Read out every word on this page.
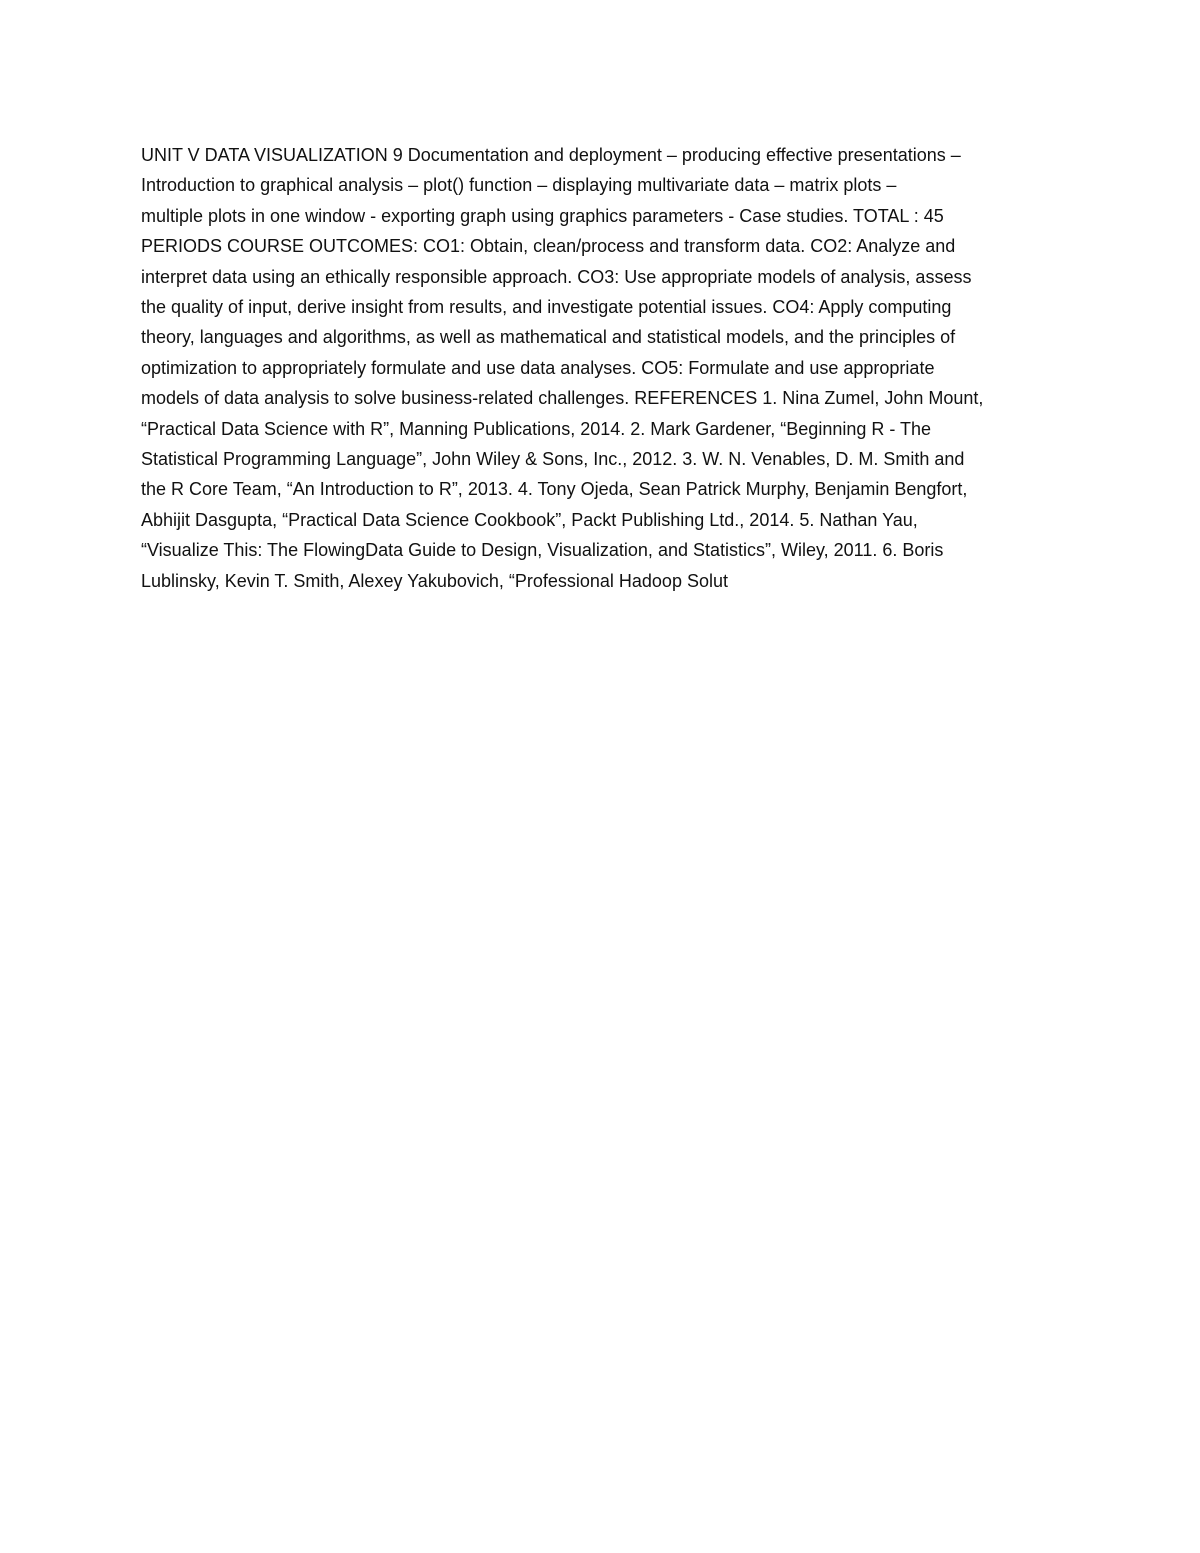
UNIT V DATA VISUALIZATION 9 Documentation and deployment – producing effective presentations –
Introduction to graphical analysis – plot() function – displaying multivariate data – matrix plots –
multiple plots in one window - exporting graph using graphics parameters - Case studies. TOTAL : 45
PERIODS COURSE OUTCOMES: CO1: Obtain, clean/process and transform data. CO2: Analyze and
interpret data using an ethically responsible approach. CO3: Use appropriate models of analysis, assess
the quality of input, derive insight from results, and investigate potential issues. CO4: Apply computing
theory, languages and algorithms, as well as mathematical and statistical models, and the principles of
optimization to appropriately formulate and use data analyses. CO5: Formulate and use appropriate
models of data analysis to solve business-related challenges. REFERENCES 1. Nina Zumel, John Mount,
“Practical Data Science with R”, Manning Publications, 2014. 2. Mark Gardener, “Beginning R - The
Statistical Programming Language”, John Wiley & Sons, Inc., 2012. 3. W. N. Venables, D. M. Smith and
the R Core Team, “An Introduction to R”, 2013. 4. Tony Ojeda, Sean Patrick Murphy, Benjamin Bengfort,
Abhijit Dasgupta, “Practical Data Science Cookbook”, Packt Publishing Ltd., 2014. 5. Nathan Yau,
“Visualize This: The FlowingData Guide to Design, Visualization, and Statistics”, Wiley, 2011. 6. Boris
Lublinsky, Kevin T. Smith, Alexey Yakubovich, “Professional Hadoop Solut
